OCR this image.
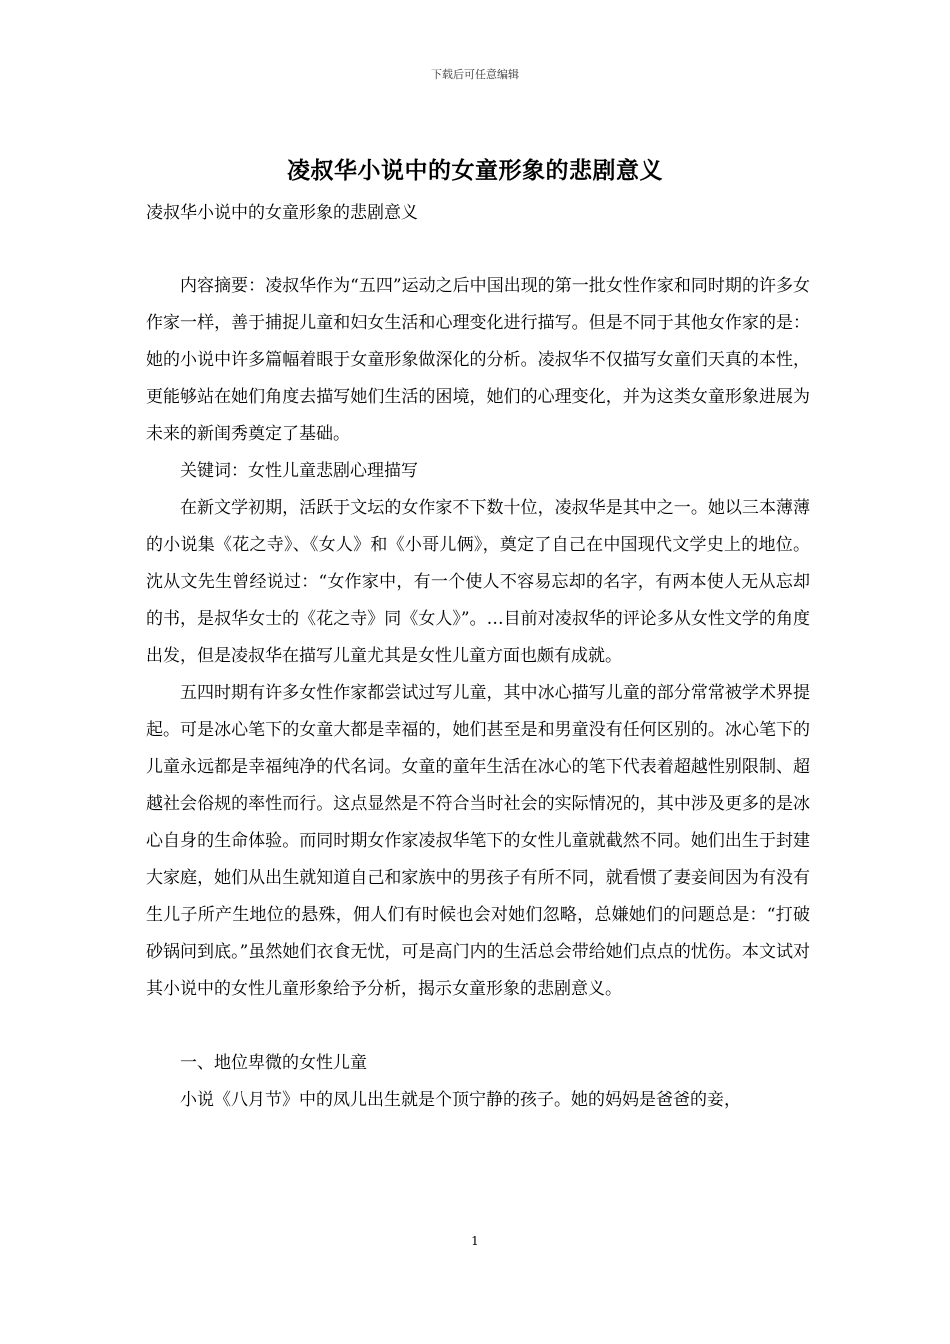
下载后可任意编辑
凌叔华小说中的女童形象的悲剧意义
凌叔华小说中的女童形象的悲剧意义

内容摘要：凌叔华作为“五四”运动之后中国出现的第一批女性作家和同时期的许多女作家一样，善于捕捉儿童和妇女生活和心理变化进行描写。但是不同于其他女作家的是：她的小说中许多篇幅着眼于女童形象做深化的分析。凌叔华不仅描写女童们天真的本性，更能够站在她们角度去描写她们生活的困境，她们的心理变化，并为这类女童形象进展为未来的新闺秀奠定了基础。

关键词：女性儿童悲剧心理描写

在新文学初期，活跃于文坛的女作家不下数十位，凌叔华是其中之一。她以三本薄薄的小说集《花之寺》、《女人》和《小哥儿俩》，奠定了自己在中国现代文学史上的地位。沈从文先生曾经说过：“女作家中，有一个使人不容易忘却的名字，有两本使人无从忘却的书，是叔华女士的《花之寺》同《女人》”。…目前对凌叔华的评论多从女性文学的角度出发，但是凌叔华在描写儿童尤其是女性儿童方面也颇有成就。

五四时期有许多女性作家都尝试过写儿童，其中冰心描写儿童的部分常常被学术界提起。可是冰心笔下的女童大都是幸福的，她们甚至是和男童没有任何区别的。冰心笔下的儿童永远都是幸福纯净的代名词。女童的童年生活在冰心的笔下代表着超越性别限制、超越社会俗规的率性而行。这点显然是不符合当时社会的实际情况的，其中涉及更多的是冰心自身的生命体验。而同时期女作家凌叔华笔下的女性儿童就截然不同。她们出生于封建大家庭，她们从出生就知道自己和家族中的男孩子有所不同，就看惯了妻妾间因为有没有生儿子所产生地位的悬殊，佣人们有时候也会对她们忽略，总嫌她们的问题总是：“打破砂锅问到底。”虽然她们衣食无忧，可是高门内的生活总会带给她们点点的忧伤。本文试对其小说中的女性儿童形象给予分析，揭示女童形象的悲剧意义。

一、地位卑微的女性儿童

小说《八月节》中的凤儿出生就是个顶宁静的孩子。她的妈妈是爸爸的妾，

1
